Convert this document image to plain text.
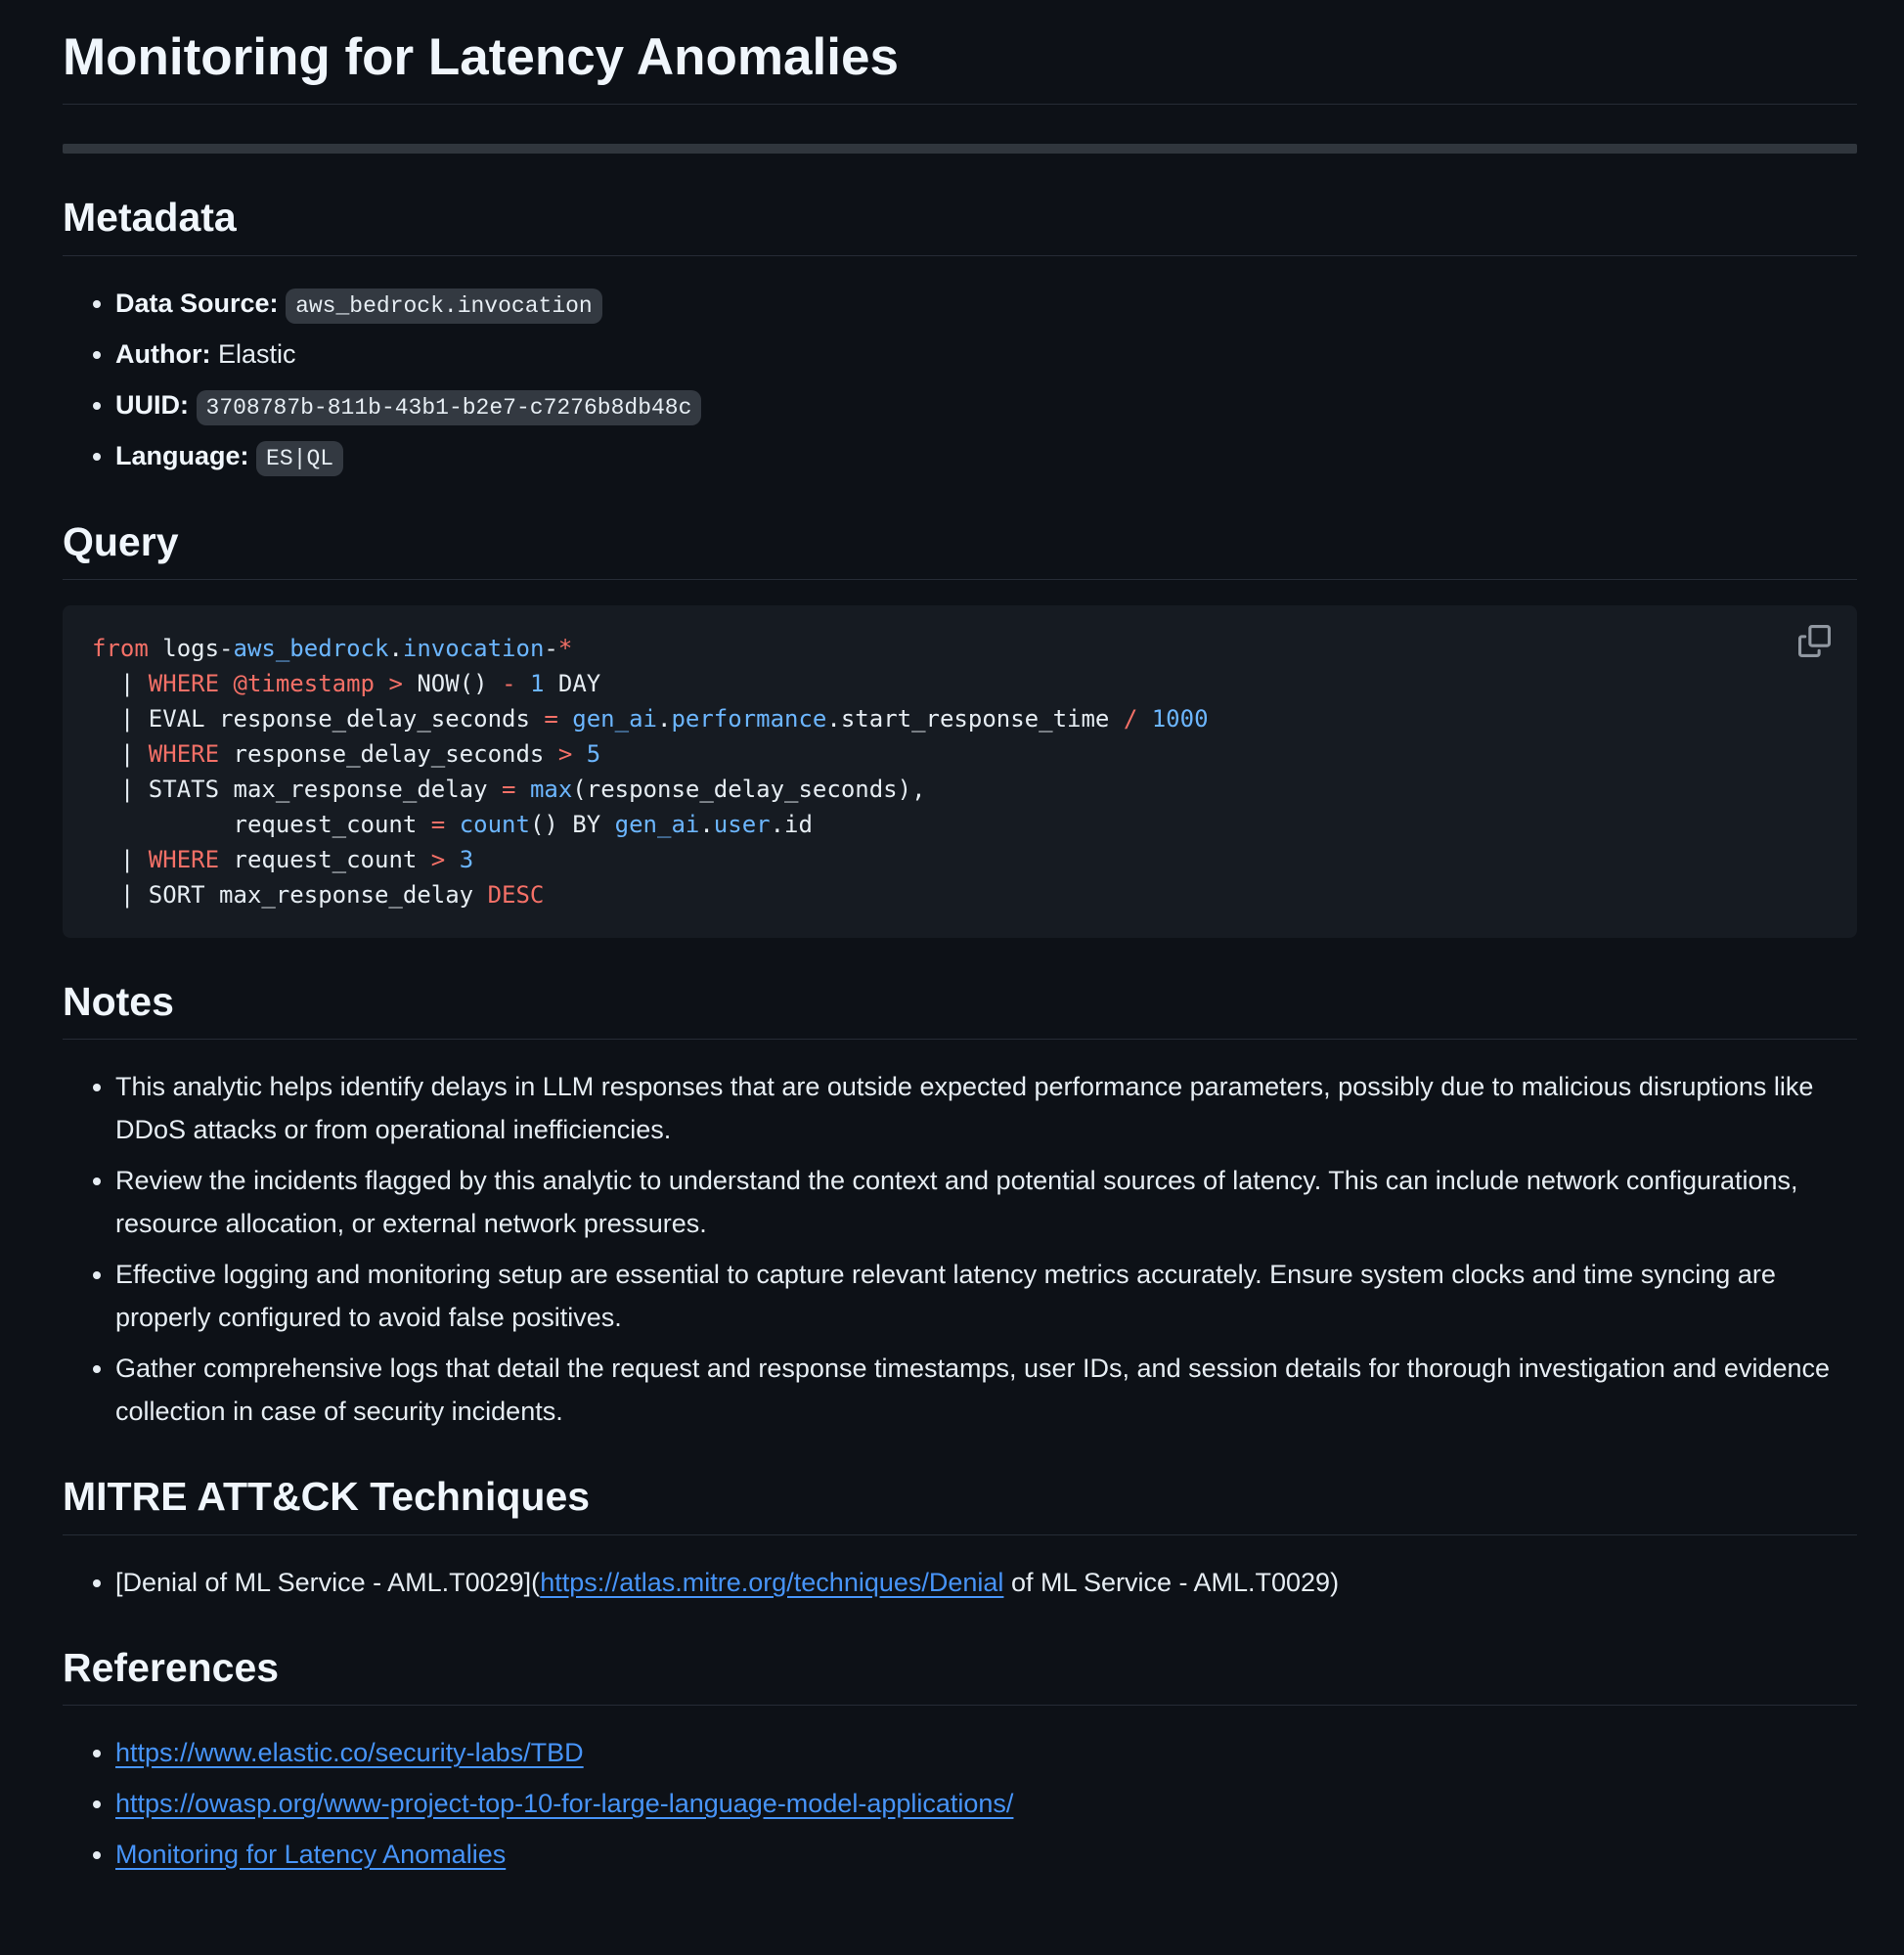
Monitoring for Latency Anomalies
Metadata
• Data Source: aws_bedrock.invocation
• Author: Elastic
• UUID: 3708787b-811b-43b1-b2e7-c7276b8db48c
• Language: ES|QL
Query
from logs-aws_bedrock.invocation-*
| WHERE @timestamp > NOW() - 1 DAY
| EVAL response_delay_seconds = gen_ai.performance.start_response_time / 1000
| WHERE response_delay_seconds > 5
| STATS max_response_delay = max(response_delay_seconds),
request_count = count() BY gen_ai.user.id
| WHERE request_count > 3
| SORT max_response_delay DESC
Notes
• This analytic helps identify delays in LLM responses that are outside expected performance parameters, possibly due to malicious disruptions like DDoS attacks or from operational inefficiencies.
• Review the incidents flagged by this analytic to understand the context and potential sources of latency. This can include network configurations, resource allocation, or external network pressures.
• Effective logging and monitoring setup are essential to capture relevant latency metrics accurately. Ensure system clocks and time syncing are properly configured to avoid false positives.
• Gather comprehensive logs that detail the request and response timestamps, user IDs, and session details for thorough investigation and evidence collection in case of security incidents.
MITRE ATT&CK Techniques
• [Denial of ML Service - AML.T0029](https://atlas.mitre.org/techniques/Denial of ML Service - AML.T0029)
References
• https://www.elastic.co/security-labs/TBD
• https://owasp.org/www-project-top-10-for-large-language-model-applications/
• Monitoring for Latency Anomalies
